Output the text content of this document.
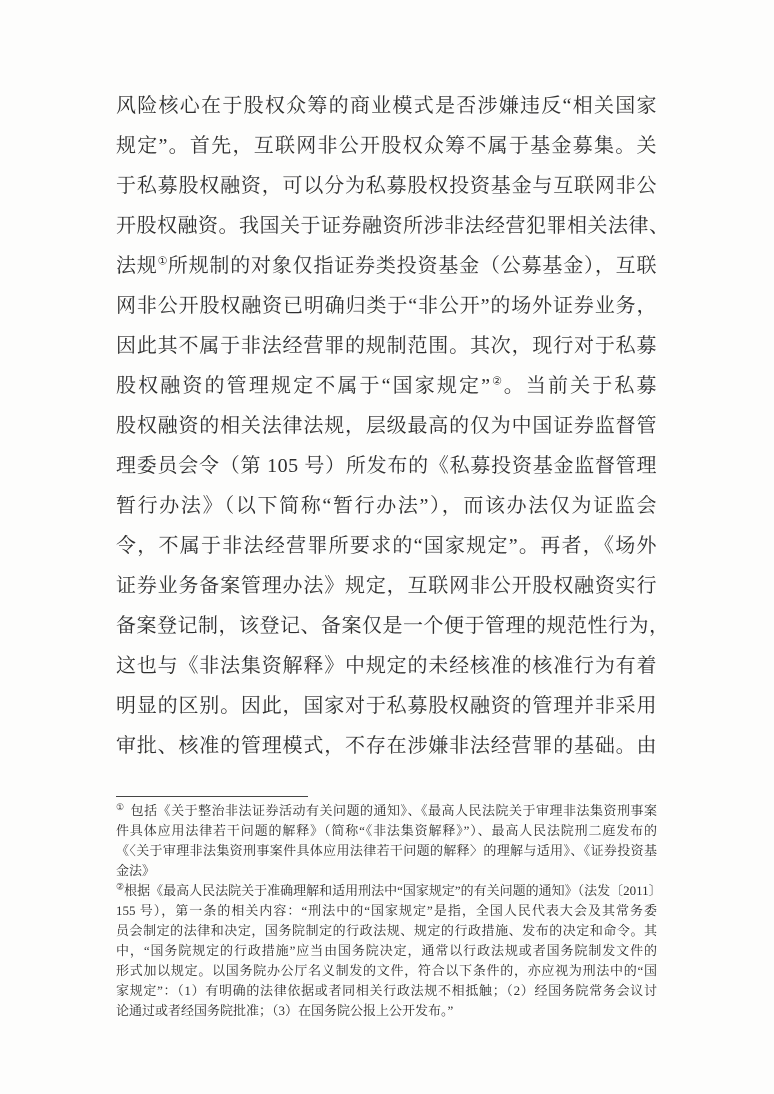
风险核心在于股权众筹的商业模式是否涉嫌违反“相关国家
规定”。首先，互联网非公开股权众筹不属于基金募集。关
于私募股权融资，可以分为私募股权投资基金与互联网非公
开股权融资。我国关于证券融资所涉非法经营犯罪相关法律、
法规①所规制的对象仅指证券类投资基金（公募基金），互联
网非公开股权融资已明确归类于“非公开”的场外证券业务，
因此其不属于非法经营罪的规制范围。其次，现行对于私募
股权融资的管理规定不属于“国家规定”②。当前关于私募
股权融资的相关法律法规，层级最高的仅为中国证券监督管
理委员会令（第 105 号）所发布的《私募投资基金监督管理
暂行办法》（以下简称“暂行办法”），而该办法仅为证监会
令，不属于非法经营罪所要求的“国家规定”。再者，《场外
证券业务备案管理办法》规定，互联网非公开股权融资实行
备案登记制，该登记、备案仅是一个便于管理的规范性行为，
这也与《非法集资解释》中规定的未经核准的核准行为有着
明显的区别。因此，国家对于私募股权融资的管理并非采用
审批、核准的管理模式，不存在涉嫌非法经营罪的基础。由
① 包括《关于整治非法证券活动有关问题的通知》、《最高人民法院关于审理非法集资刑事案
件具体应用法律若干问题的解释》（简称“《非法集资解释》”）、最高人民法院刑二庭发布的
《〈关于审理非法集资刑事案件具体应用法律若干问题的解释〉的理解与适用》、《证券投资基
金法》
②根据《最高人民法院关于准确理解和适用刑法中“国家规定”的有关问题的通知》（法发〔2011〕
155 号），第一条的相关内容：“刑法中的“国家规定”是指，全国人民代表大会及其常务委
员会制定的法律和决定，国务院制定的行政法规、规定的行政措施、发布的决定和命令。其
中，“国务院规定的行政措施”应当由国务院决定，通常以行政法规或者国务院制发文件的
形式加以规定。以国务院办公厅名义制发的文件，符合以下条件的，亦应视为刑法中的“国
家规定”：（1）有明确的法律依据或者同相关行政法规不相抵触；（2）经国务院常务会议讨
论通过或者经国务院批准；（3）在国务院公报上公开发布。”
